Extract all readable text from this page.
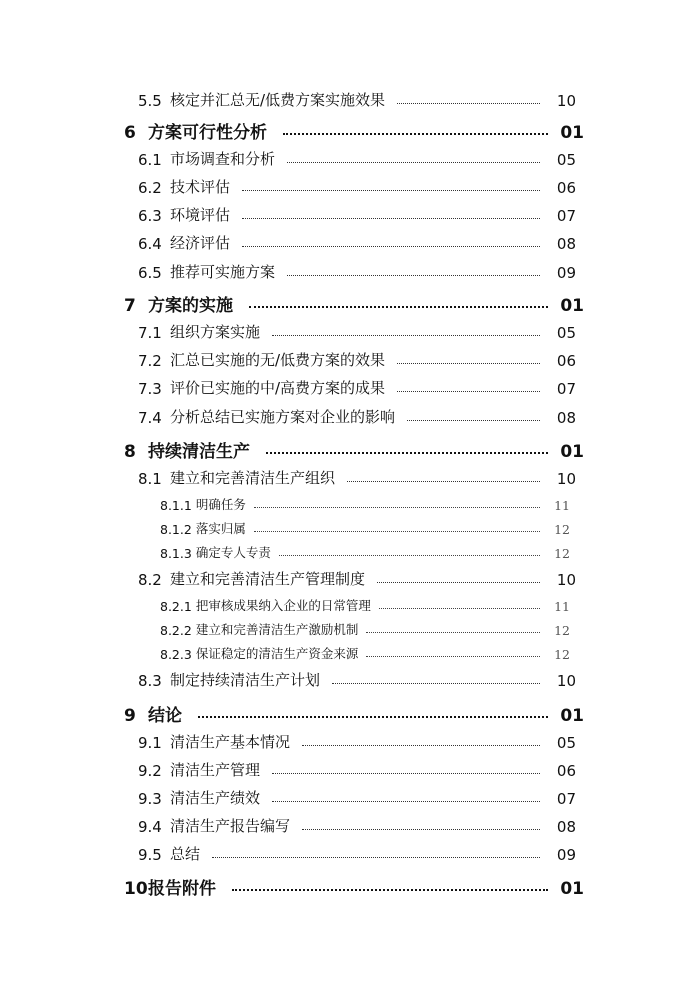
5.5 核定并汇总无/低费方案实施效果	10
6 方案可行性分析	01
6.1 市场调查和分析	05
6.2 技术评估	06
6.3 环境评估	07
6.4 经济评估	08
6.5 推荐可实施方案	09
7 方案的实施	01
7.1 组织方案实施	05
7.2 汇总已实施的无/低费方案的效果	06
7.3 评价已实施的中/高费方案的成果	07
7.4 分析总结已实施方案对企业的影响	08
8 持续清洁生产	01
8.1 建立和完善清洁生产组织	10
8.1.1 明确任务	11
8.1.2 落实归属	12
8.1.3 确定专人专责	12
8.2 建立和完善清洁生产管理制度	10
8.2.1 把审核成果纳入企业的日常管理	11
8.2.2 建立和完善清洁生产激励机制	12
8.2.3 保证稳定的清洁生产资金来源	12
8.3 制定持续清洁生产计划	10
9 结论	01
9.1 清洁生产基本情况	05
9.2 清洁生产管理	06
9.3 清洁生产绩效	07
9.4 清洁生产报告编写	08
9.5 总结	09
10 报告附件	01
